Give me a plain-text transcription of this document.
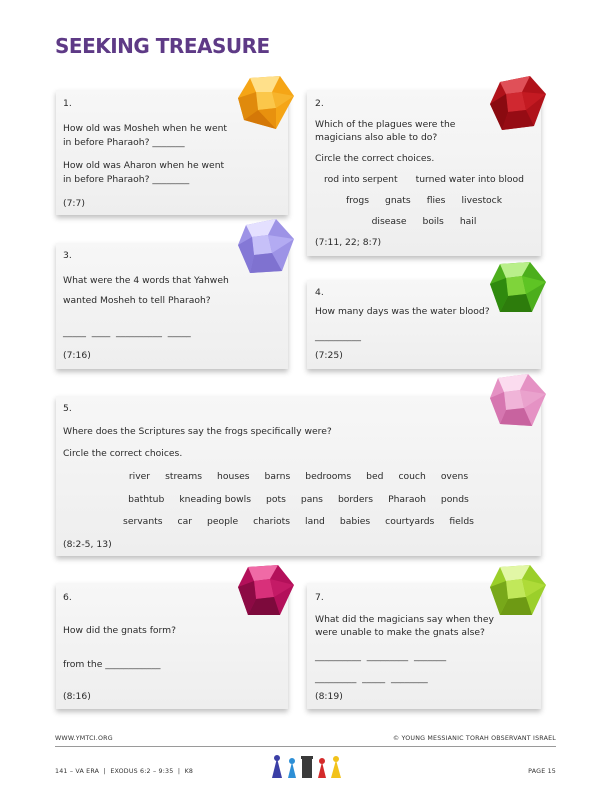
SEEKING TREASURE
1.

How old was Mosheh when he went

in before Pharaoh? _______

How old was Aharon when he went

in before Pharaoh? ________

(7:7)
2.

Which of the plagues were the

magicians also able to do?

Circle the correct choices.

rod into serpent turned water into blood

frogs gnats flies livestock

disease boils hail

(7:11, 22; 8:7)
3.

What were the 4 words that Yahweh

wanted Mosheh to tell Pharaoh?

_____  ____  __________  _____

(7:16)
4.

How many days was the water blood?

__________

(7:25)
5.

Where does the Scriptures say the frogs specifically were?

Circle the correct choices.

river streams houses barns bedrooms bed couch ovens

bathtub kneading bowls pots pans borders Pharaoh ponds

servants car people chariots land babies courtyards fields

(8:2-5, 13)
6.

How did the gnats form?

from the ____________

(8:16)
7.

What did the magicians say when they

were unable to make the gnats alse?

__________  _________  _______

_________  _____  ________

(8:19)
WWW.YMTCI.ORG
141 – VA ERA  |  EXODUS 6:2 – 9:35  |  K8
© YOUNG MESSIANIC TORAH OBSERVANT ISRAEL
PAGE 15
